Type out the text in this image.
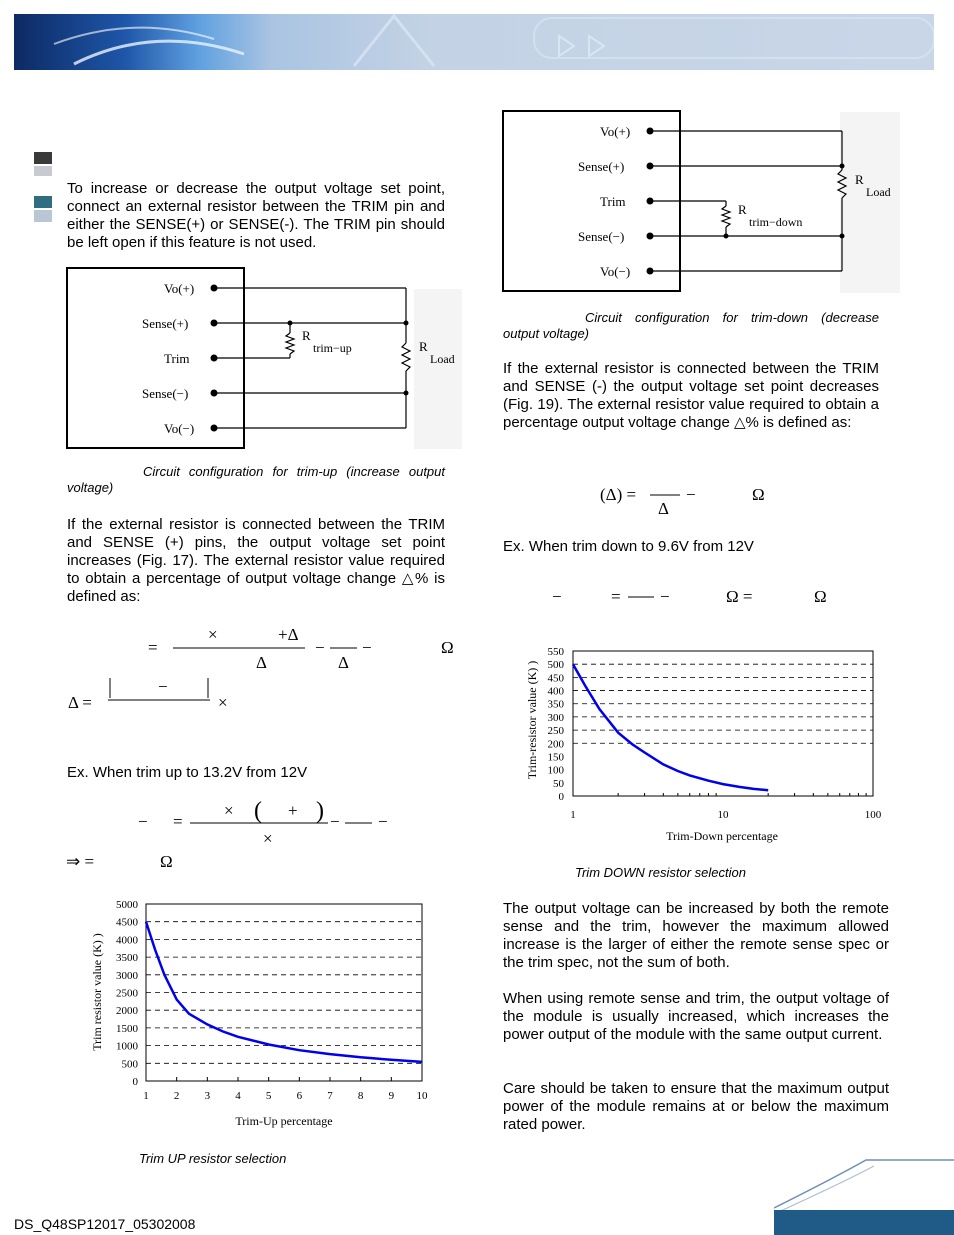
To increase or decrease the output voltage set point, connect an external resistor between the TRIM pin and either the SENSE(+) or SENSE(-). The TRIM pin should be left open if this feature is not used.
Vo(+)
Sense(+)
Trim
Sense(−)
Vo(−)
R
trim−up	R
Load
Circuit configuration for trim-up (increase output voltage)
If the external resistor is connected between the TRIM and SENSE (+) pins, the output voltage set point increases (Fig. 17). The external resistor value required to obtain a percentage of output voltage change △% is defined as:
=
×	+Δ
Δ
−
Δ
−	Ω
Δ =
−
×
Ex. When trim up to 13.2V from 12V
− =
× ( + ) − −
×
⇒ =	Ω
Trim resistor value (K) )
Trim-Up percentage
0
500
1000
1500
2000
2500
3000
3500
4000
4500
5000
1 2 3 4 5 6 7 8 9 10
Trim UP resistor selection
Vo(+)
Sense(+)
Trim
Sense(−)
Vo(−)
R
trim−down
R
Load
Circuit configuration for trim-down (decrease output voltage)
If the external resistor is connected between the TRIM and SENSE (-) the output voltage set point decreases (Fig. 19). The external resistor value required to obtain a percentage output voltage change △% is defined as:
(Δ) =	−
Δ
Ω
Ex. When trim down to 9.6V from 12V
−	= −	Ω =	Ω
Trim-resistor value (K) )
Trim-Down percentage
0
50
100
150
200
250
300
350
400
450
500
550
1	10	100
Trim DOWN resistor selection
The output voltage can be increased by both the remote sense and the trim, however the maximum allowed increase is the larger of either the remote sense spec or the trim spec, not the sum of both.
When using remote sense and trim, the output voltage of the module is usually increased, which increases the power output of the module with the same output current.
Care should be taken to ensure that the maximum output power of the module remains at or below the maximum rated power.
DS_Q48SP12017_05302008
